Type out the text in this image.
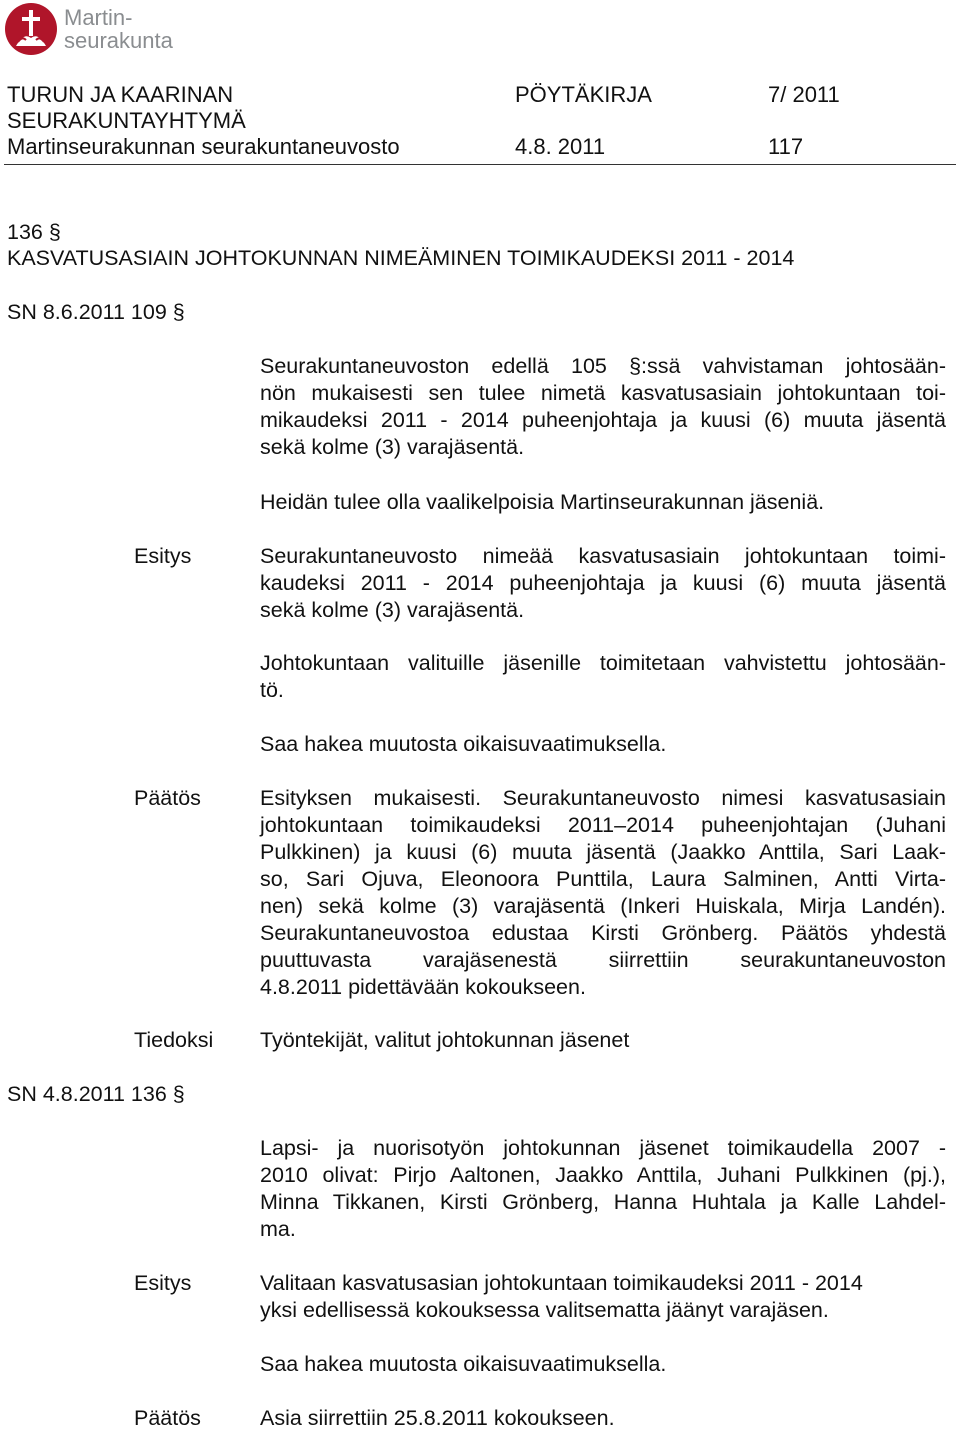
Martin-
seurakunta
TURUN JA KAARINAN
SEURAKUNTAYHTYMÄ
Martinseurakunnan seurakuntaneuvosto
PÖYTÄKIRJA	7/ 2011
4.8. 2011	117
136 §
KASVATUSASIAIN JOHTOKUNNAN NIMEÄMINEN TOIMIKAUDEKSI 2011 - 2014
SN 8.6.2011 109 §
Seurakuntaneuvoston edellä 105 §:ssä vahvistaman johtosään-
nön mukaisesti sen tulee nimetä kasvatusasiain johtokuntaan toi-
mikaudeksi 2011 - 2014 puheenjohtaja ja kuusi (6) muuta jäsentä
sekä kolme (3) varajäsentä.
Heidän tulee olla vaalikelpoisia Martinseurakunnan jäseniä.
Esitys	Seurakuntaneuvosto nimeää kasvatusasiain johtokuntaan toimi-
kaudeksi 2011 - 2014 puheenjohtaja ja kuusi (6) muuta jäsentä
sekä kolme (3) varajäsentä.
Johtokuntaan valituille jäsenille toimitetaan vahvistettu johtosään-
tö.
Saa hakea muutosta oikaisuvaatimuksella.
Päätös	Esityksen mukaisesti. Seurakuntaneuvosto nimesi kasvatusasiain
johtokuntaan toimikaudeksi 2011–2014 puheenjohtajan (Juhani
Pulkkinen) ja kuusi (6) muuta jäsentä (Jaakko Anttila, Sari Laak-
so, Sari Ojuva, Eleonoora Punttila, Laura Salminen, Antti Virta-
nen) sekä kolme (3) varajäsentä (Inkeri Huiskala, Mirja Landén).
Seurakuntaneuvostoa edustaa Kirsti Grönberg. Päätös yhdestä
puuttuvasta varajäsenestä siirrettiin seurakuntaneuvoston
4.8.2011 pidettävään kokoukseen.
Tiedoksi Työntekijät, valitut johtokunnan jäsenet
SN 4.8.2011 136 §
Lapsi- ja nuorisotyön johtokunnan jäsenet toimikaudella 2007 -
2010 olivat: Pirjo Aaltonen, Jaakko Anttila, Juhani Pulkkinen (pj.),
Minna Tikkanen, Kirsti Grönberg, Hanna Huhtala ja Kalle Lahdel-
ma.
Esitys	Valitaan kasvatusasian johtokuntaan toimikaudeksi 2011 - 2014
yksi edellisessä kokouksessa valitsematta jäänyt varajäsen.
Saa hakea muutosta oikaisuvaatimuksella.
Päätös	Asia siirrettiin 25.8.2011 kokoukseen.
